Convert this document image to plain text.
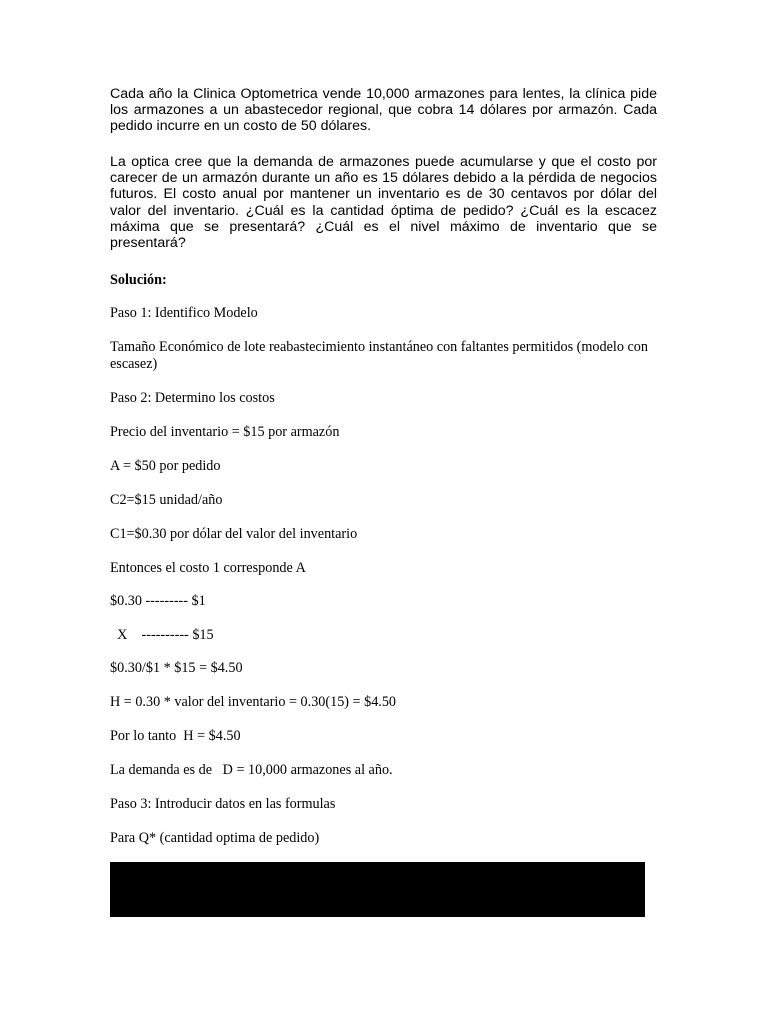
Cada año la Clinica Optometrica vende 10,000 armazones para lentes, la clínica pide los armazones a un abastecedor regional, que cobra 14 dólares por armazón. Cada pedido incurre en un costo de 50 dólares.

La optica cree que la demanda de armazones puede acumularse y que el costo por carecer de un armazón durante un año es 15 dólares debido a la pérdida de negocios futuros. El costo anual por mantener un inventario es de 30 centavos por dólar del valor del inventario. ¿Cuál es la cantidad óptima de pedido? ¿Cuál es la escacez máxima que se presentará? ¿Cuál es el nivel máximo de inventario que se presentará?

Solución:

Paso 1: Identifico Modelo

Tamaño Económico de lote reabastecimiento instantáneo con faltantes permitidos (modelo con escasez)

Paso 2: Determino los costos

Precio del inventario = $15 por armazón

A = $50 por pedido

C2=$15 unidad/año

C1=$0.30 por dólar del valor del inventario

Entonces el costo 1 corresponde A

$0.30 --------- $1

X    ---------- $15

$0.30/$1 * $15 = $4.50

H = 0.30 * valor del inventario = 0.30(15) = $4.50

Por lo tanto  H = $4.50

La demanda es de   D = 10,000 armazones al año.

Paso 3: Introducir datos en las formulas

Para Q* (cantidad optima de pedido)
